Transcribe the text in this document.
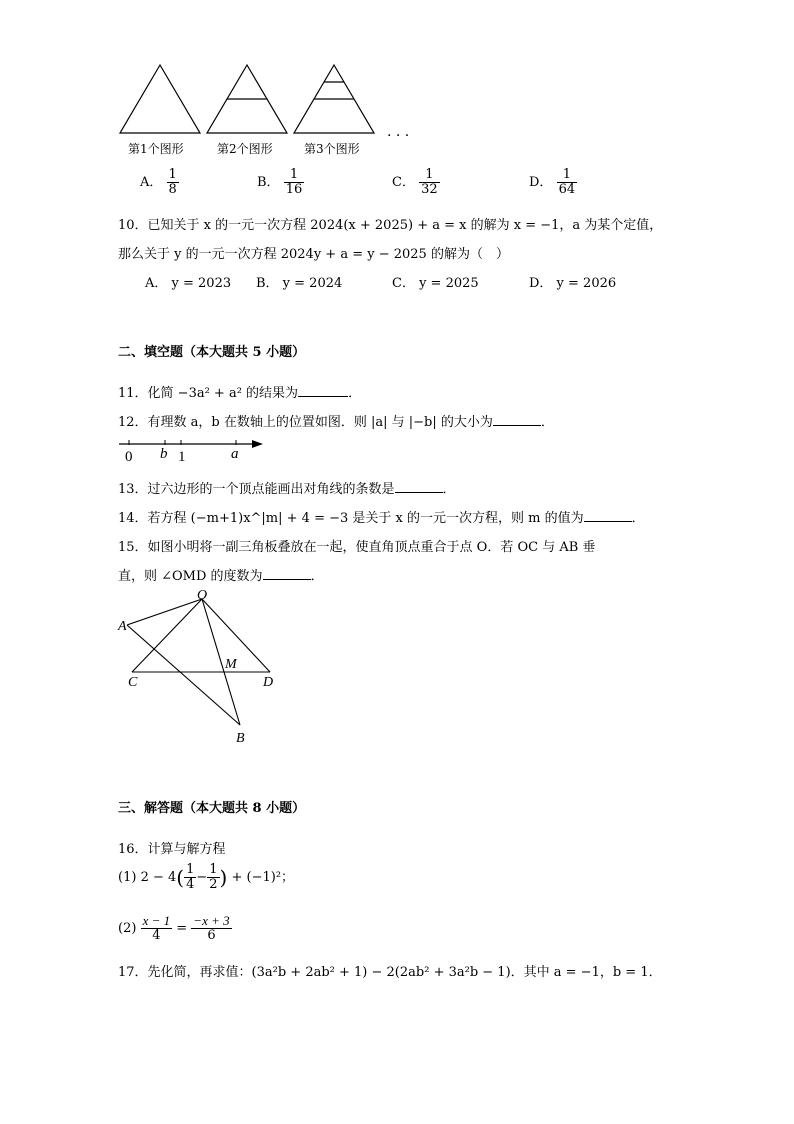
. . .
第1个图形	第2个图形	第3个图形
A． $\frac{1}{8}$	B． $\frac{1}{16}$	C． $\frac{1}{32}$	D． $\frac{1}{64}$
10．已知关于 x 的一元一次方程 2024(x + 2025) + a = x 的解为 x = −1，a 为某个定值，
那么关于 y 的一元一次方程 2024y + a = y − 2025 的解为（　）
A． y = 2023 B． y = 2024	C． y = 2025	D． y = 2026
二、填空题（本大题共 5 小题）
11．化简 −3a² + a² 的结果为	．
12．有理数 a，b 在数轴上的位置如图．则 |a| 与 |−b| 的大小为	．
0 b 1	a
13．过六边形的一个顶点能画出对角线的条数是	．
14．若方程 (−m+1)x^|m| + 4 = −3 是关于 x 的一元一次方程，则 m 的值为	．
15．如图小明将一副三角板叠放在一起，使直角顶点重合于点 O．若 OC 与 AB 垂
直，则 ∠OMD 的度数为	．
O
A
M
C	D
B
三、解答题（本大题共 8 小题）
16．计算与解方程
(1) $2 - 4( \frac{1}{4} - \frac{1}{2}$ ) + (−1)²；
$(2) \frac{x - 1}{4} = \frac{-x + 3}{6}$
17．先化简，再求值：(3a²b + 2ab² + 1) − 2(2ab² + 3a²b − 1)．其中 a = −1，b = 1．
